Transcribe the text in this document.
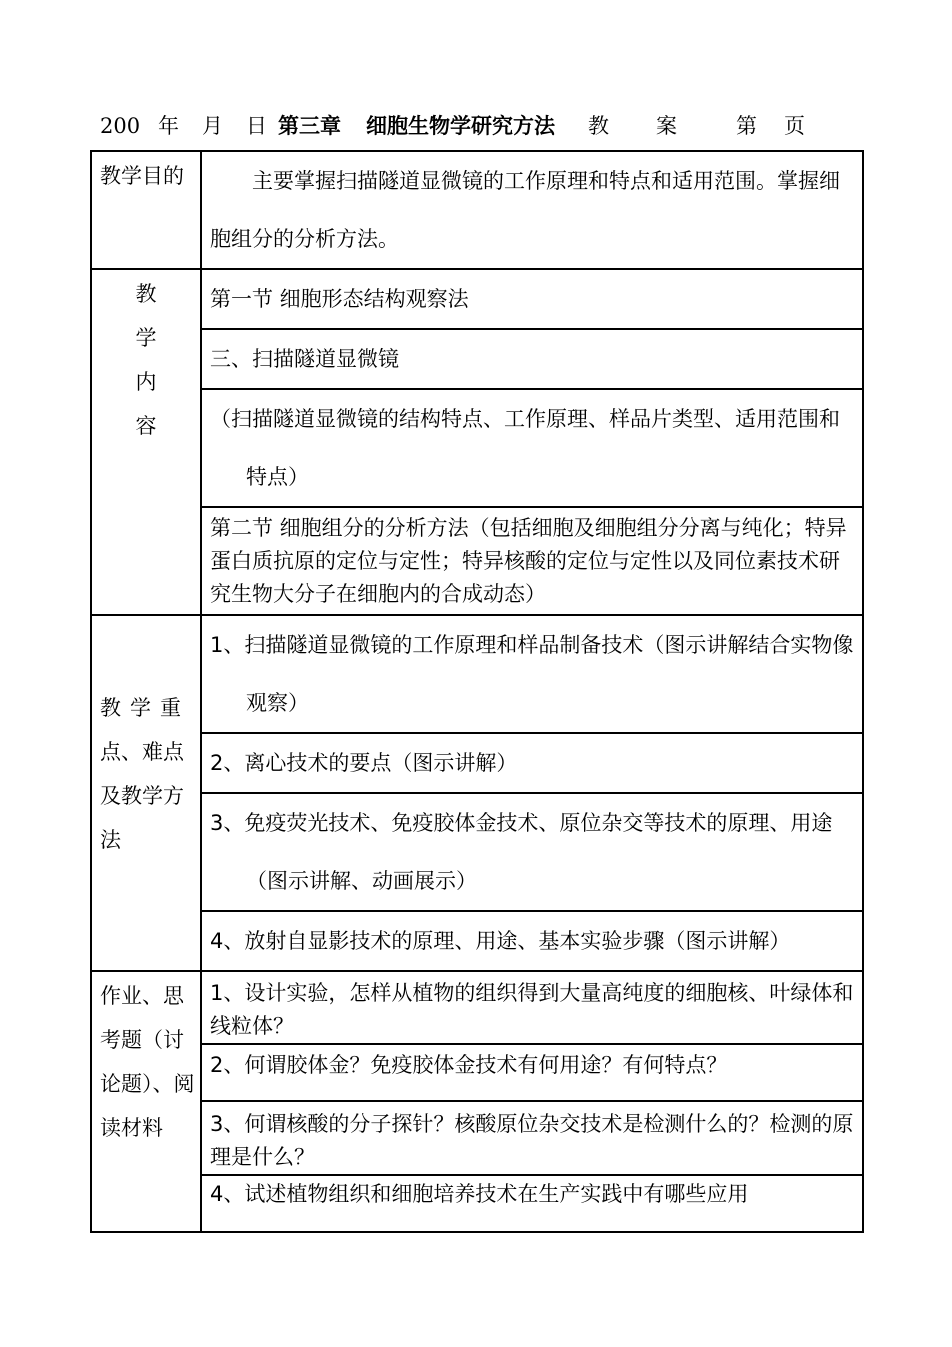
200 年 月 日 第三章 细胞生物学研究方法 教 案	第 页
教学目的	主要掌握扫描隧道显微镜的工作原理和特点和适用范围。掌握细胞组分的分析方法。

教
学
内
容	第一节 细胞形态结构观察法

	三、扫描隧道显微镜

	（扫描隧道显微镜的结构特点、工作原理、样品片类型、适用范围和特点）

	第二节 细胞组分的分析方法（包括细胞及细胞组分分离与纯化；特异蛋白质抗原的定位与定性；特异核酸的定位与定性以及同位素技术研究生物大分子在细胞内的合成动态）

教学重
点、难点
及教学方
法	1、扫描隧道显微镜的工作原理和样品制备技术（图示讲解结合实物像观察）

	2、离心技术的要点（图示讲解）

	3、免疫荧光技术、免疫胶体金技术、原位杂交等技术的原理、用途（图示讲解、动画展示）

	4、放射自显影技术的原理、用途、基本实验步骤（图示讲解）

作业、思
考题（讨
论题）、阅
读材料	1、设计实验，怎样从植物的组织得到大量高纯度的细胞核、叶绿体和线粒体？

	2、何谓胶体金？免疫胶体金技术有何用途？有何特点？

	3、何谓核酸的分子探针？核酸原位杂交技术是检测什么的？检测的原理是什么？

	4、试述植物组织和细胞培养技术在生产实践中有哪些应用
